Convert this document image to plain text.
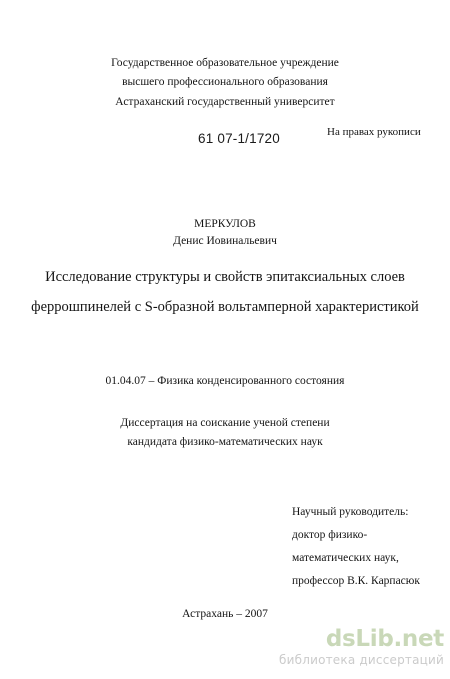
Государственное образовательное учреждение
высшего профессионального образования
Астраханский государственный университет
61 07-1/1720	На правах рукописи
МЕРКУЛОВ
Денис Иовинальевич
Исследование структуры и свойств эпитаксиальных слоев
феррошпинелей с S-образной вольтамперной характеристикой
01.04.07 – Физика конденсированного состояния
Диссертация на соискание ученой степени
кандидата физико-математических наук
Научный руководитель:
доктор физико-
математических наук,
профессор В.К. Карпасюк
Астрахань – 2007
dsLib.net
библиотека диссертаций
